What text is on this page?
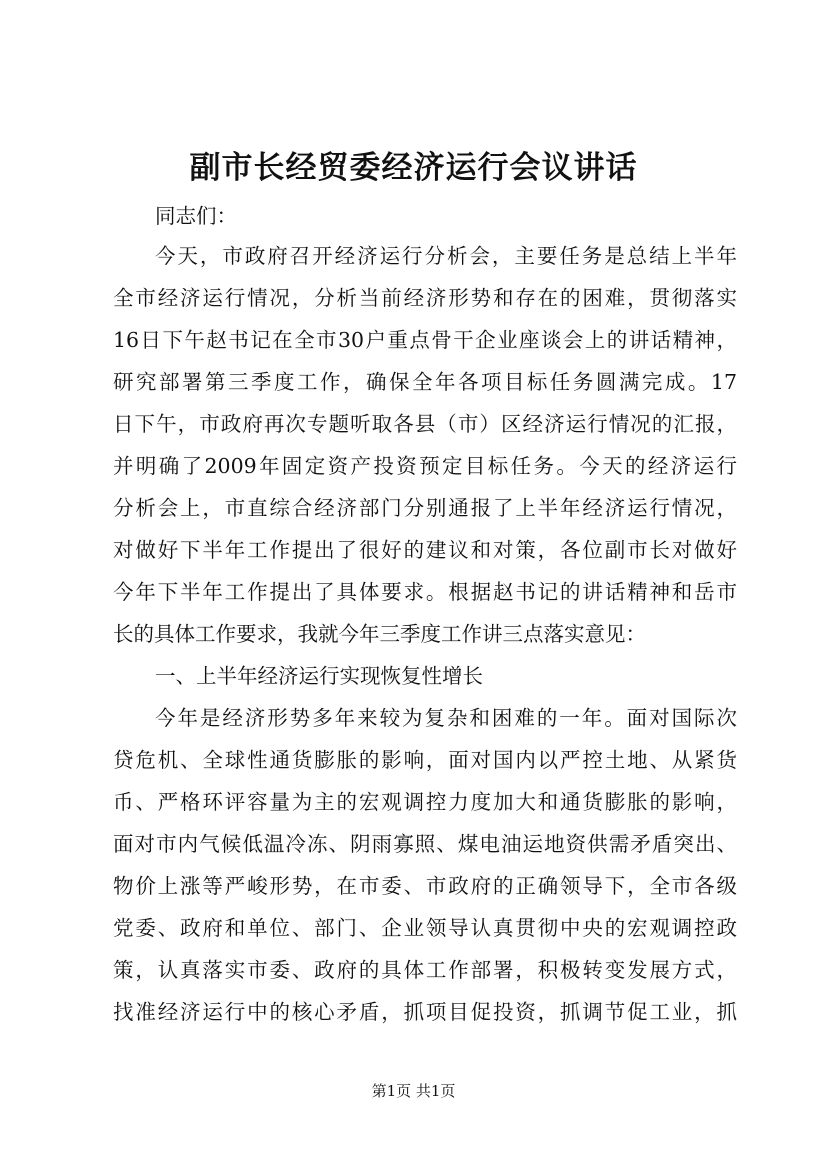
副市长经贸委经济运行会议讲话
同志们：
今天，市政府召开经济运行分析会，主要任务是总结上半年
全市经济运行情况，分析当前经济形势和存在的困难，贯彻落实
16日下午赵书记在全市30户重点骨干企业座谈会上的讲话精神，
研究部署第三季度工作，确保全年各项目标任务圆满完成。17
日下午，市政府再次专题听取各县（市）区经济运行情况的汇报，
并明确了2009年固定资产投资预定目标任务。今天的经济运行
分析会上，市直综合经济部门分别通报了上半年经济运行情况，
对做好下半年工作提出了很好的建议和对策，各位副市长对做好
今年下半年工作提出了具体要求。根据赵书记的讲话精神和岳市
长的具体工作要求，我就今年三季度工作讲三点落实意见：
一、上半年经济运行实现恢复性增长
今年是经济形势多年来较为复杂和困难的一年。面对国际次
贷危机、全球性通货膨胀的影响，面对国内以严控土地、从紧货
币、严格环评容量为主的宏观调控力度加大和通货膨胀的影响，
面对市内气候低温冷冻、阴雨寡照、煤电油运地资供需矛盾突出、
物价上涨等严峻形势，在市委、市政府的正确领导下，全市各级
党委、政府和单位、部门、企业领导认真贯彻中央的宏观调控政
策，认真落实市委、政府的具体工作部署，积极转变发展方式，
找准经济运行中的核心矛盾，抓项目促投资，抓调节促工业，抓
第1页 共1页
